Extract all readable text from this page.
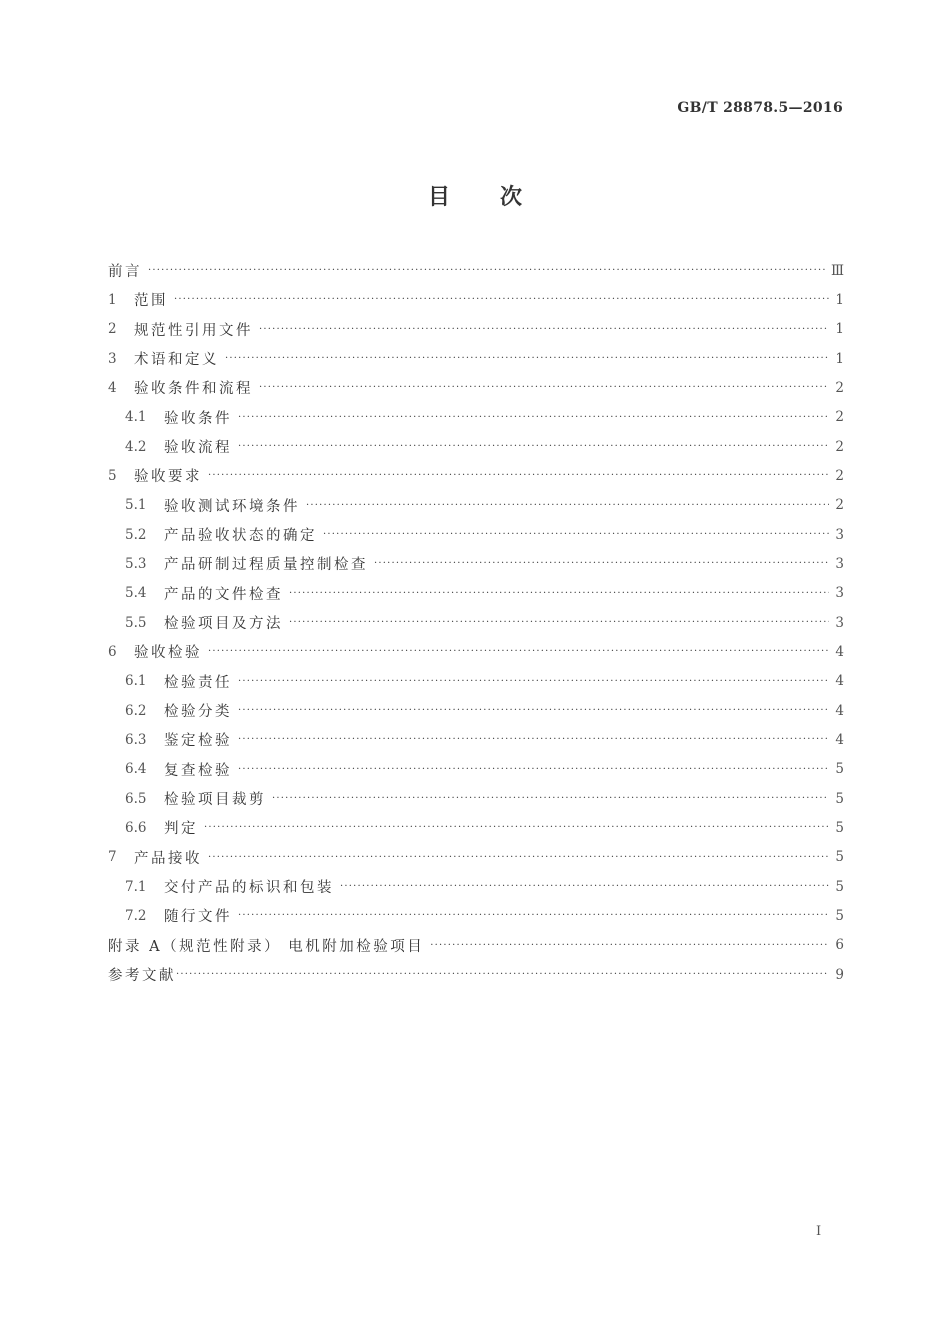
GB/T 28878.5—2016
目 次
前言 ·····	Ⅲ
1	范围 ·····	1
2	规范性引用文件 ·····	1
3	术语和定义 ·····	1
4	验收条件和流程 ·····	2
4.1	验收条件 ·····	2
4.2	验收流程 ·····	2
5	验收要求 ·····	2
5.1	验收测试环境条件 ·····	2
5.2	产品验收状态的确定 ·····	3
5.3	产品研制过程质量控制检查 ·····	3
5.4	产品的文件检查 ·····	3
5.5	检验项目及方法 ·····	3
6	验收检验 ·····	4
6.1	检验责任 ·····	4
6.2	检验分类 ·····	4
6.3	鉴定检验 ·····	4
6.4	复查检验 ·····	5
6.5	检验项目裁剪 ·····	5
6.6	判定 ·····	5
7	产品接收 ·····	5
7.1	交付产品的标识和包装 ·····	5
7.2	随行文件 ·····	5
附录 A（规范性附录） 电机附加检验项目 ·····	6
参考文献 ·····	9
I
